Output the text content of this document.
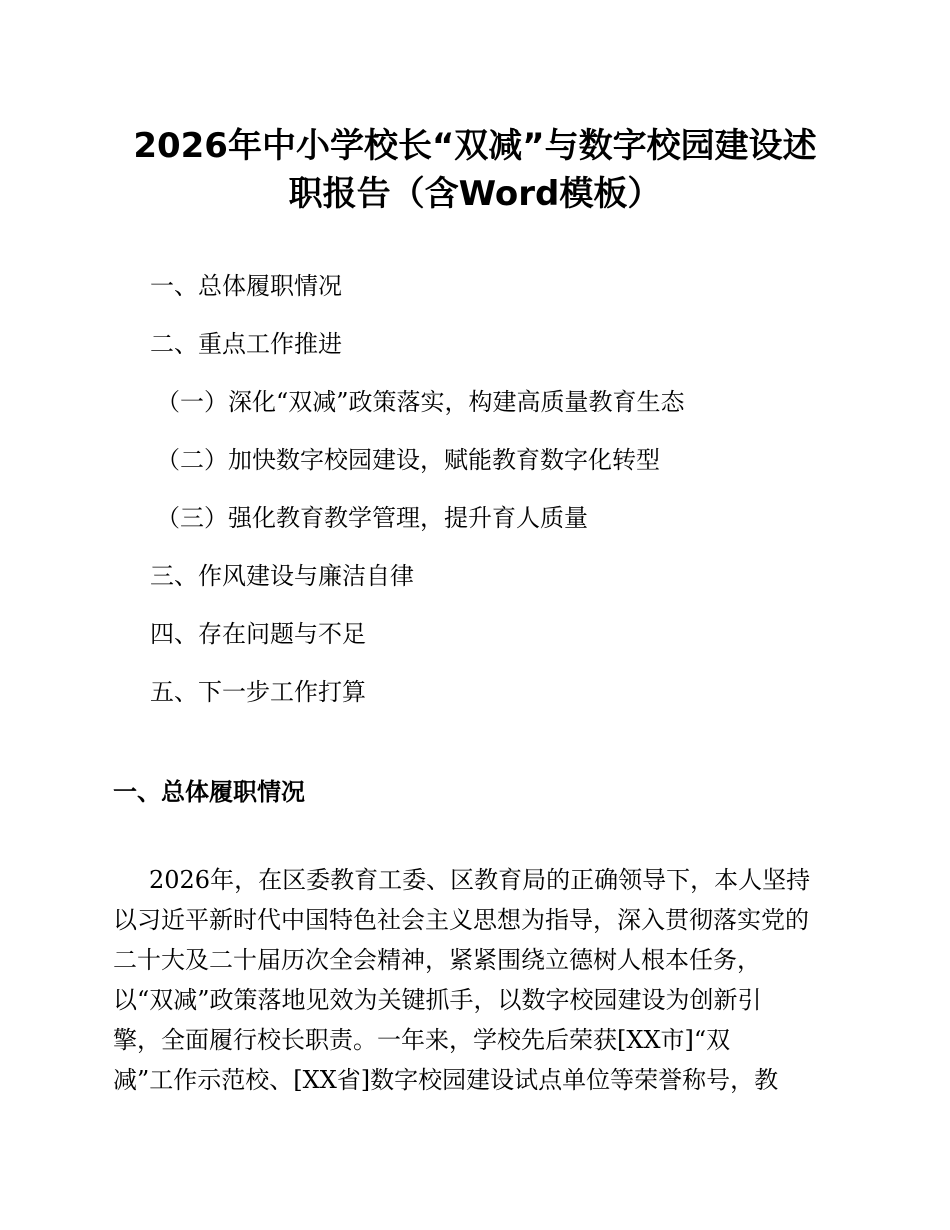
2026年中小学校长“双减”与数字校园建设述
职报告（含Word模板）
一、总体履职情况
二、重点工作推进
（一）深化“双减”政策落实，构建高质量教育生态
（二）加快数字校园建设，赋能教育数字化转型
（三）强化教育教学管理，提升育人质量
三、作风建设与廉洁自律
四、存在问题与不足
五、下一步工作打算
一、总体履职情况

2026年，在区委教育工委、区教育局的正确领导下，本人坚持
以习近平新时代中国特色社会主义思想为指导，深入贯彻落实党的
二十大及二十届历次全会精神，紧紧围绕立德树人根本任务，
以“双减”政策落地见效为关键抓手，以数字校园建设为创新引
擎，全面履行校长职责。一年来，学校先后荣获[XX市]“双
减”工作示范校、[XX省]数字校园建设试点单位等荣誉称号，教
